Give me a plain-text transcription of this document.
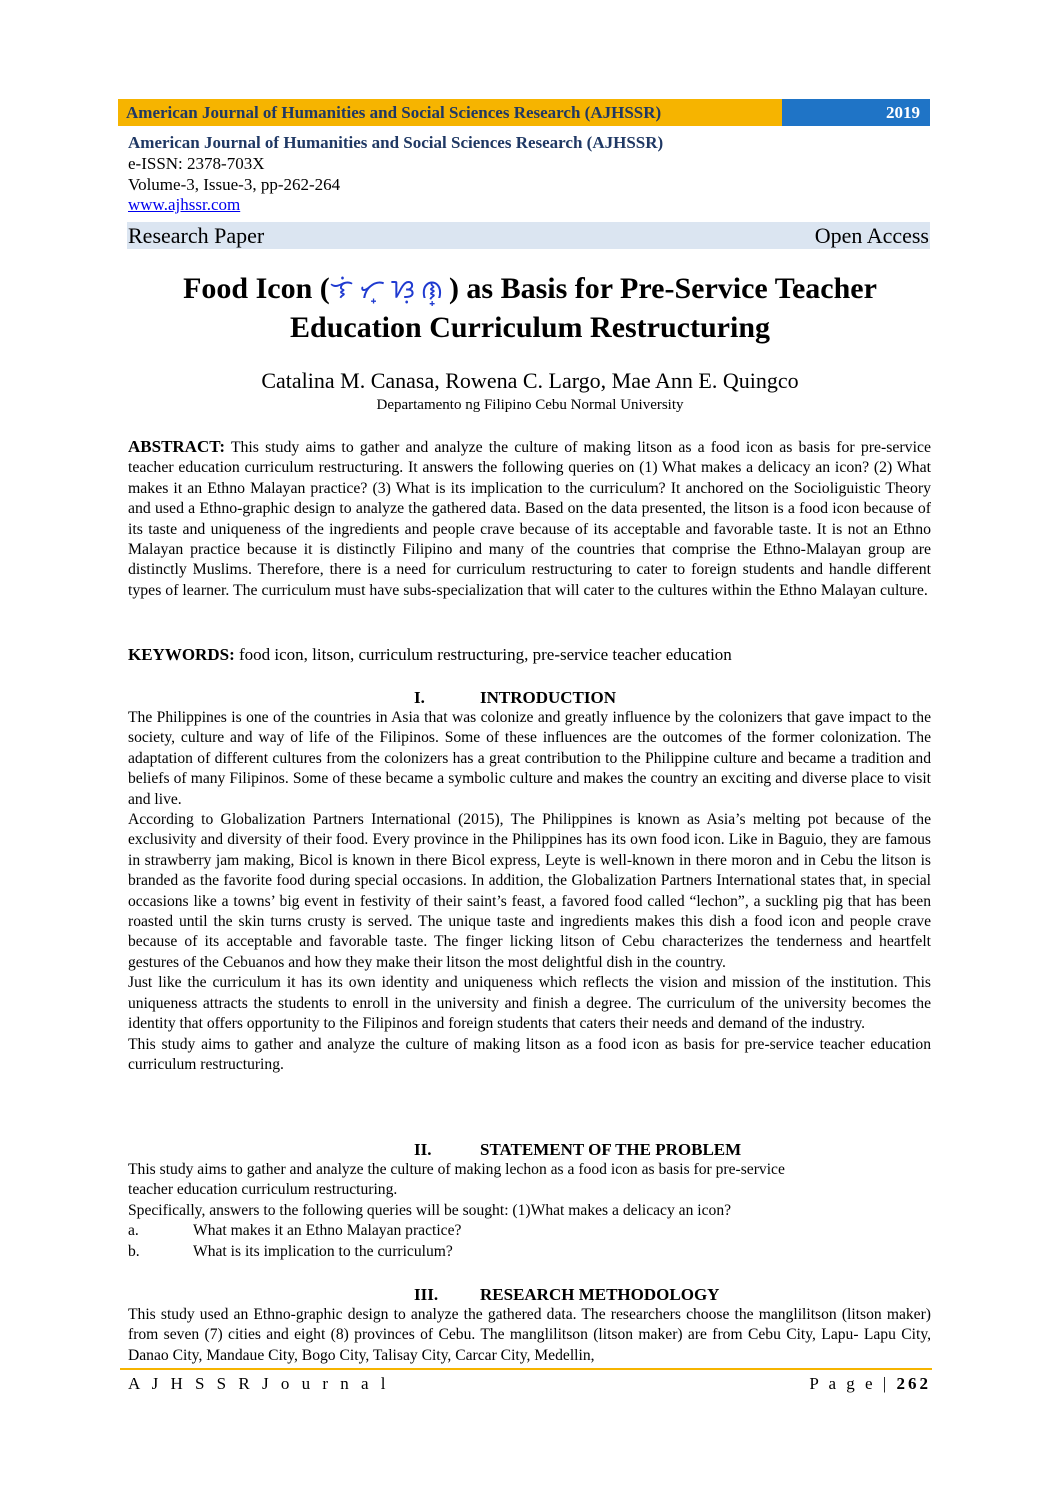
American Journal of Humanities and Social Sciences Research (AJHSSR)	2019
American Journal of Humanities and Social Sciences Research (AJHSSR)
e-ISSN: 2378-703X
Volume-3, Issue-3, pp-262-264
www.ajhssr.com
Research Paper	Open Access
Food Icon (ᜎᜒᜆ᜔ᜐᜓᜈ᜔) as Basis for Pre-Service Teacher
Education Curriculum Restructuring
Catalina M. Canasa, Rowena C. Largo, Mae Ann E. Quingco
Departamento ng Filipino Cebu Normal University

ABSTRACT: This study aims to gather and analyze the culture of making litson as a food icon as basis for pre-service teacher education curriculum restructuring. It answers the following queries on (1) What makes a delicacy an icon? (2) What makes it an Ethno Malayan practice? (3) What is its implication to the curriculum? It anchored on the Socioliguistic Theory and used a Ethno-graphic design to analyze the gathered data. Based on the data presented, the litson is a food icon because of its taste and uniqueness of the ingredients and people crave because of its acceptable and favorable taste. It is not an Ethno Malayan practice because it is distinctly Filipino and many of the countries that comprise the Ethno-Malayan group are distinctly Muslims. Therefore, there is a need for curriculum restructuring to cater to foreign students and handle different types of learner. The curriculum must have subs-specialization that will cater to the cultures within the Ethno Malayan culture.

KEYWORDS: food icon, litson, curriculum restructuring, pre-service teacher education

I.	INTRODUCTION

The Philippines is one of the countries in Asia that was colonize and greatly influence by the colonizers that gave impact to the society, culture and way of life of the Filipinos. Some of these influences are the outcomes of the former colonization. The adaptation of different cultures from the colonizers has a great contribution to the Philippine culture and became a tradition and beliefs of many Filipinos. Some of these became a symbolic culture and makes the country an exciting and diverse place to visit and live.

According to Globalization Partners International (2015), The Philippines is known as Asia’s melting pot because of the exclusivity and diversity of their food. Every province in the Philippines has its own food icon. Like in Baguio, they are famous in strawberry jam making, Bicol is known in there Bicol express, Leyte is well-known in there moron and in Cebu the litson is branded as the favorite food during special occasions. In addition, the Globalization Partners International states that, in special occasions like a towns’ big event in festivity of their saint’s feast, a favored food called “lechon”, a suckling pig that has been roasted until the skin turns crusty is served. The unique taste and ingredients makes this dish a food icon and people crave because of its acceptable and favorable taste. The finger licking litson of Cebu characterizes the tenderness and heartfelt gestures of the Cebuanos and how they make their litson the most delightful dish in the country.

Just like the curriculum it has its own identity and uniqueness which reflects the vision and mission of the institution. This uniqueness attracts the students to enroll in the university and finish a degree. The curriculum of the university becomes the identity that offers opportunity to the Filipinos and foreign students that caters their needs and demand of the industry.

This study aims to gather and analyze the culture of making litson as a food icon as basis for pre-service teacher education curriculum restructuring.

II.	STATEMENT OF THE PROBLEM

This study aims to gather and analyze the culture of making lechon as a food icon as basis for pre-service

teacher education curriculum restructuring.

Specifically, answers to the following queries will be sought: (1)What makes a delicacy an icon?

a.	What makes it an Ethno Malayan practice?
b.	What is its implication to the curriculum?
III. RESEARCH METHODOLOGY

This study used an Ethno-graphic design to analyze the gathered data. The researchers choose the manglilitson (litson maker) from seven (7) cities and eight (8) provinces of Cebu. The manglilitson (litson maker) are from Cebu City, Lapu- Lapu City, Danao City, Mandaue City, Bogo City, Talisay City, Carcar City, Medellin,

A J H S S R J o u r n a l	P a g e | 262
